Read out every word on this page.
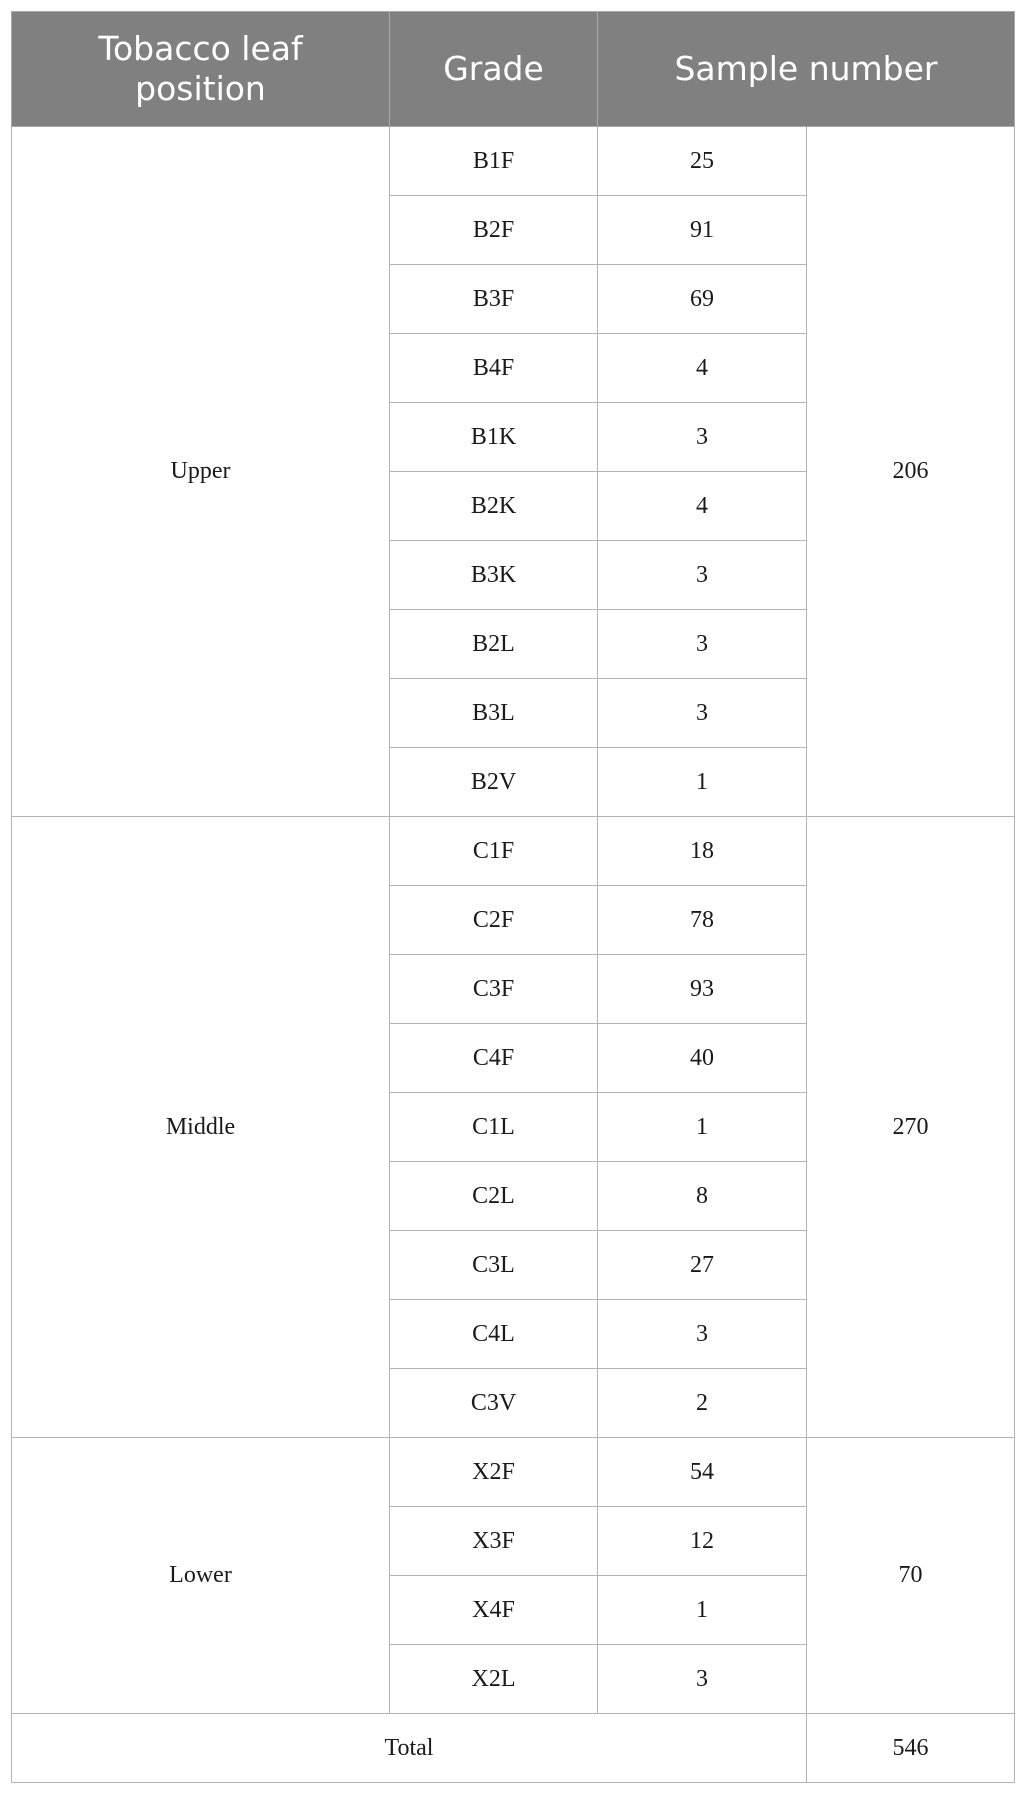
Tobacco leaf position	Grade	Sample number	
Upper	B1F	25	206
	B2F	91	
	B3F	69	
	B4F	4	
	B1K	3	
	B2K	4	
	B3K	3	
	B2L	3	
	B3L	3	
	B2V	1	
Middle	C1F	18	270
	C2F	78	
	C3F	93	
	C4F	40	
	C1L	1	
	C2L	8	
	C3L	27	
	C4L	3	
	C3V	2	
Lower	X2F	54	70
	X3F	12	
	X4F	1	
	X2L	3	
Total			546
